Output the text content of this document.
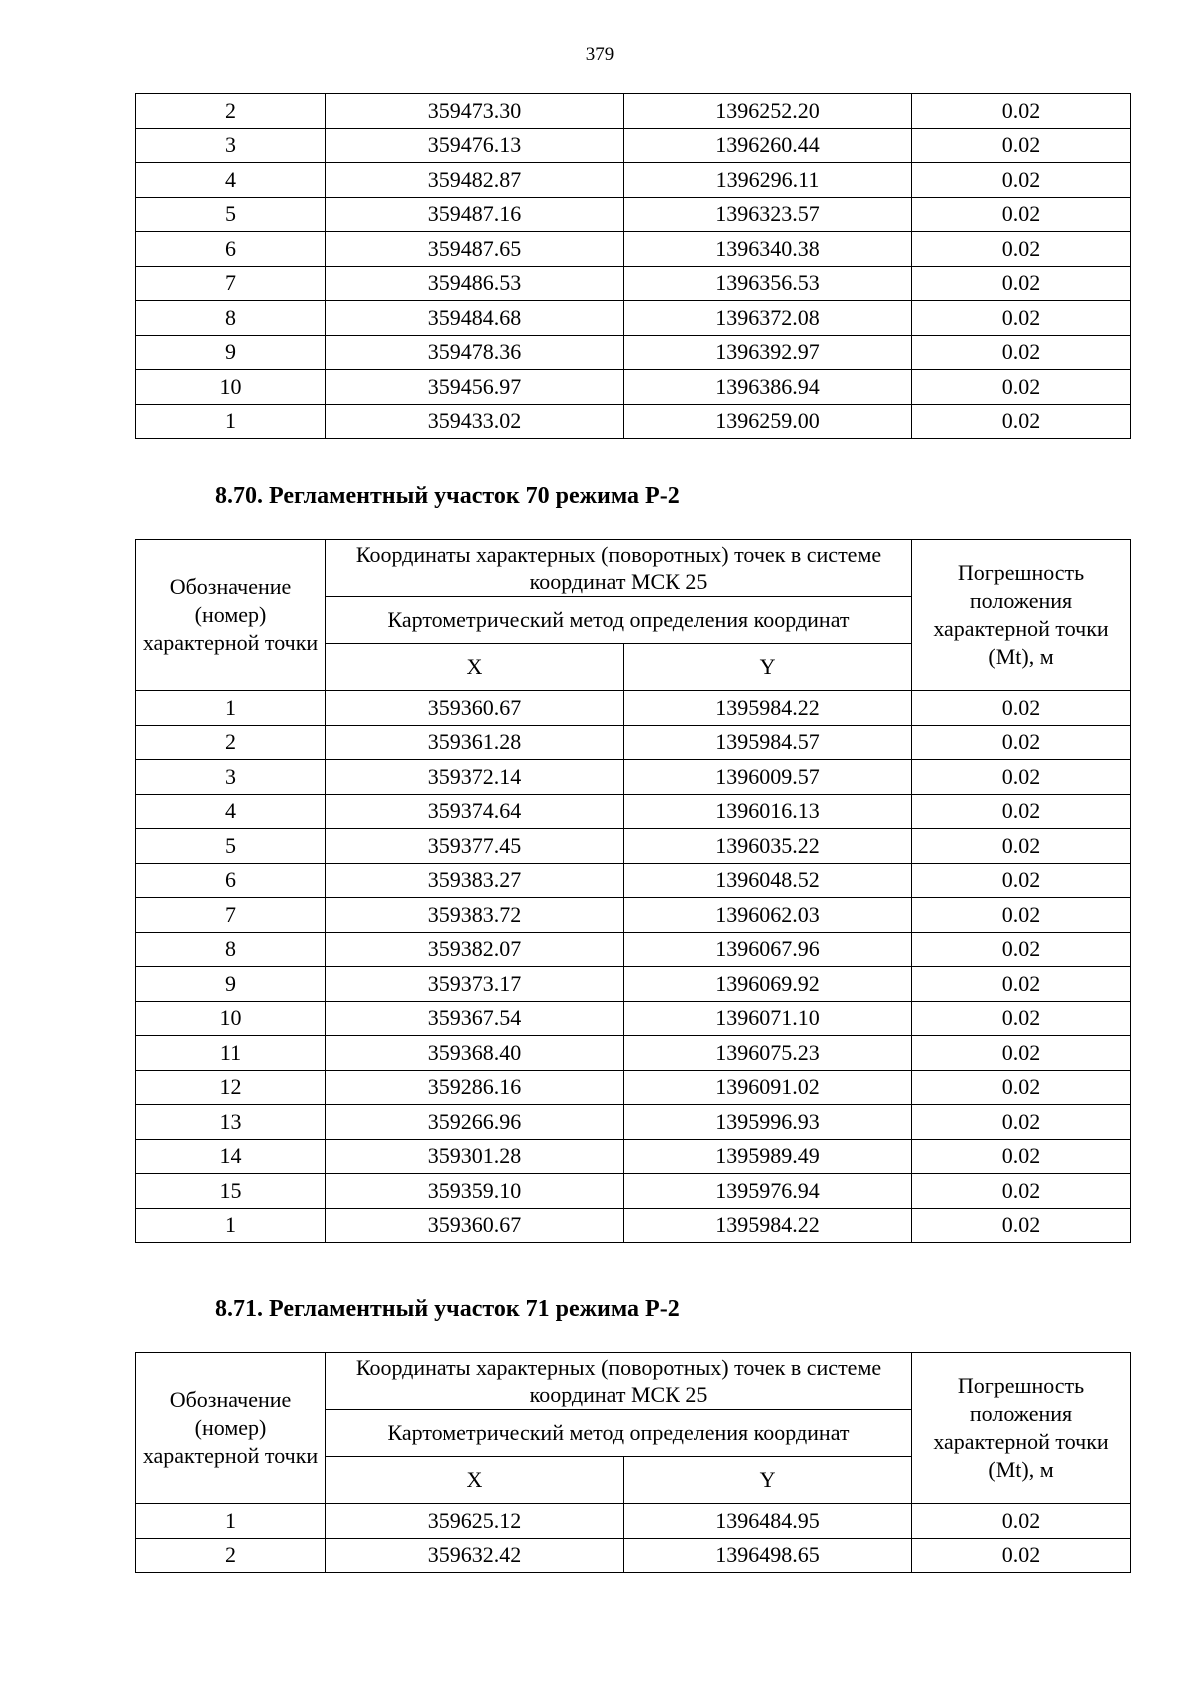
379
2	359473.30	1396252.20	0.02
3	359476.13	1396260.44	0.02
4	359482.87	1396296.11	0.02
5	359487.16	1396323.57	0.02
6	359487.65	1396340.38	0.02
7	359486.53	1396356.53	0.02
8	359484.68	1396372.08	0.02
9	359478.36	1396392.97	0.02
10	359456.97	1396386.94	0.02
1	359433.02	1396259.00	0.02
8.70. Регламентный участок 70 режима Р-2
Обозначение (номер) характерной точки	Координаты характерных (поворотных) точек в системе координат МСК 25		Погрешность положения характерной точки (Mt), м
	Картометрический метод определения координат		
	X	Y	
1	359360.67	1395984.22	0.02
2	359361.28	1395984.57	0.02
3	359372.14	1396009.57	0.02
4	359374.64	1396016.13	0.02
5	359377.45	1396035.22	0.02
6	359383.27	1396048.52	0.02
7	359383.72	1396062.03	0.02
8	359382.07	1396067.96	0.02
9	359373.17	1396069.92	0.02
10	359367.54	1396071.10	0.02
11	359368.40	1396075.23	0.02
12	359286.16	1396091.02	0.02
13	359266.96	1395996.93	0.02
14	359301.28	1395989.49	0.02
15	359359.10	1395976.94	0.02
1	359360.67	1395984.22	0.02
8.71. Регламентный участок 71 режима Р-2
Обозначение (номер) характерной точки	Координаты характерных (поворотных) точек в системе координат МСК 25		Погрешность положения характерной точки (Mt), м
	Картометрический метод определения координат		
	X	Y	
1	359625.12	1396484.95	0.02
2	359632.42	1396498.65	0.02
